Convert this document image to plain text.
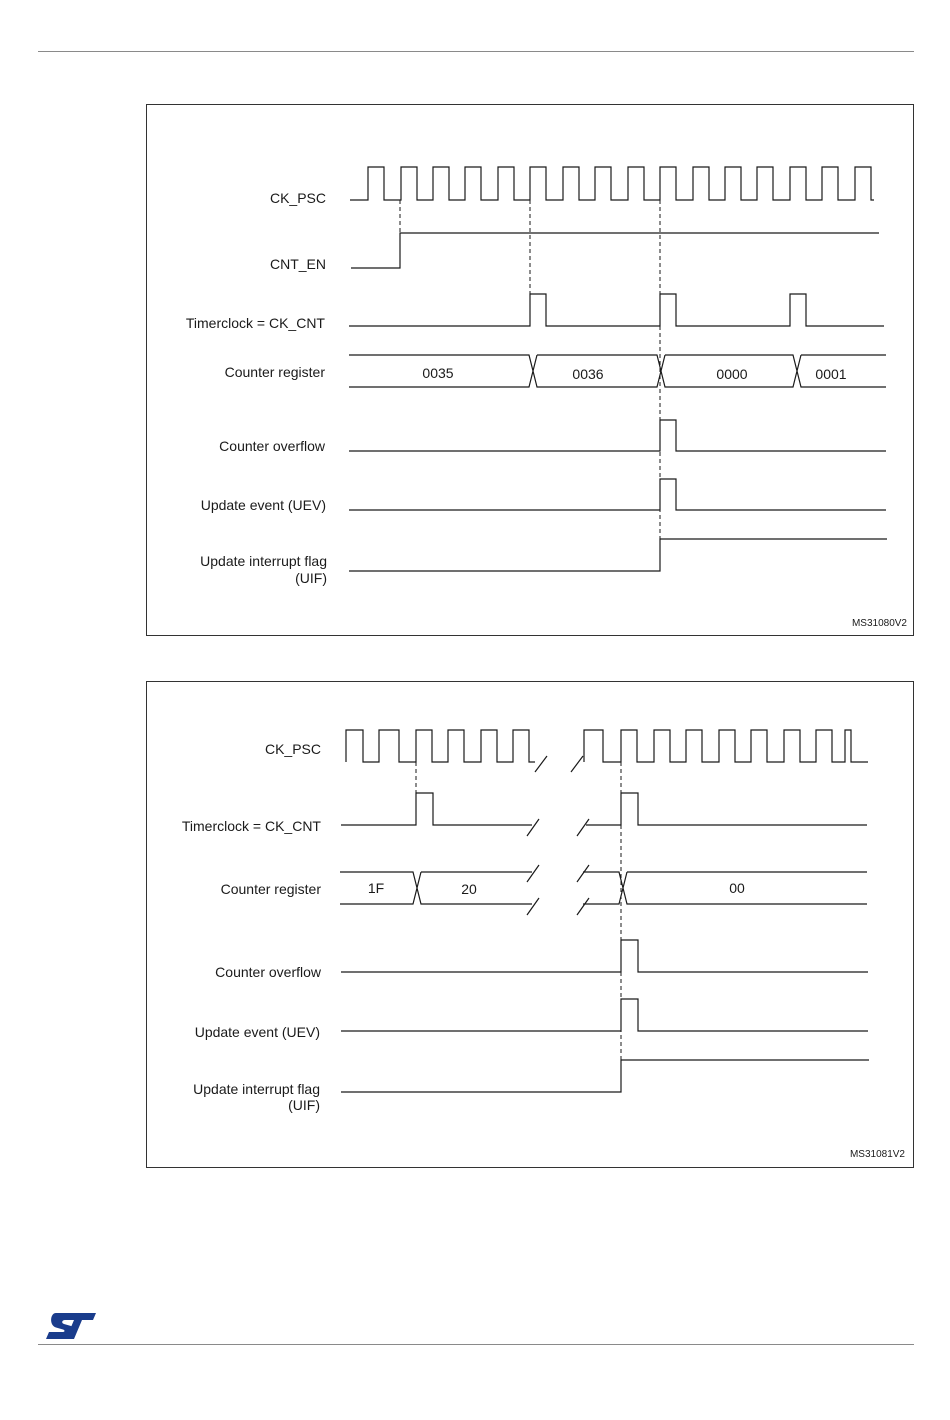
CK_PSC
CNT_EN
Timerclock = CK_CNT
Counter register
Counter overflow
Update event (UEV)
Update interrupt flag
(UIF)
0035	0036	0000	0001
MS31080V2
CK_PSC
Timerclock = CK_CNT
Counter register
Counter overflow
Update event (UEV)
Update interrupt flag
(UIF)
1F	20	00
MS31081V2
